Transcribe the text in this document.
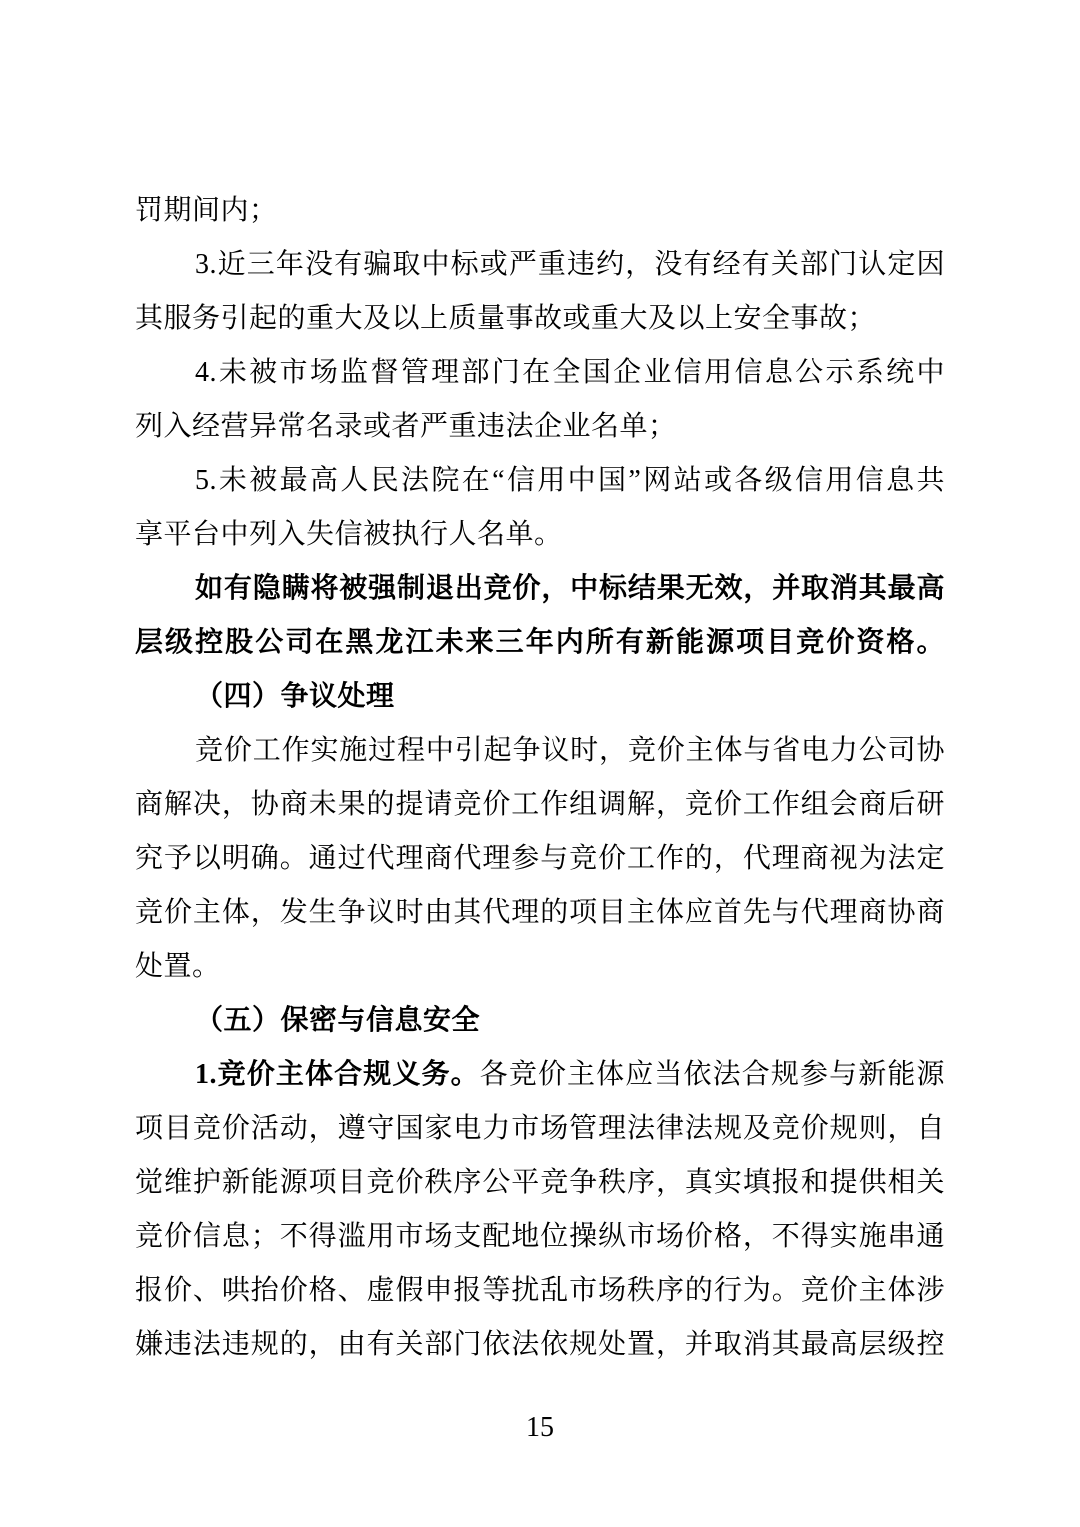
罚期间内；
3.近三年没有骗取中标或严重违约，没有经有关部门认定因
其服务引起的重大及以上质量事故或重大及以上安全事故；
4.未被市场监督管理部门在全国企业信用信息公示系统中
列入经营异常名录或者严重违法企业名单；
5.未被最高人民法院在“信用中国”网站或各级信用信息共
享平台中列入失信被执行人名单。
如有隐瞒将被强制退出竞价，中标结果无效，并取消其最高
层级控股公司在黑龙江未来三年内所有新能源项目竞价资格。
（四）争议处理
竞价工作实施过程中引起争议时，竞价主体与省电力公司协
商解决，协商未果的提请竞价工作组调解，竞价工作组会商后研
究予以明确。通过代理商代理参与竞价工作的，代理商视为法定
竞价主体，发生争议时由其代理的项目主体应首先与代理商协商
处置。
（五）保密与信息安全
1.竞价主体合规义务。各竞价主体应当依法合规参与新能源
项目竞价活动，遵守国家电力市场管理法律法规及竞价规则，自
觉维护新能源项目竞价秩序公平竞争秩序，真实填报和提供相关
竞价信息；不得滥用市场支配地位操纵市场价格，不得实施串通
报价、哄抬价格、虚假申报等扰乱市场秩序的行为。竞价主体涉
嫌违法违规的，由有关部门依法依规处置，并取消其最高层级控
15
